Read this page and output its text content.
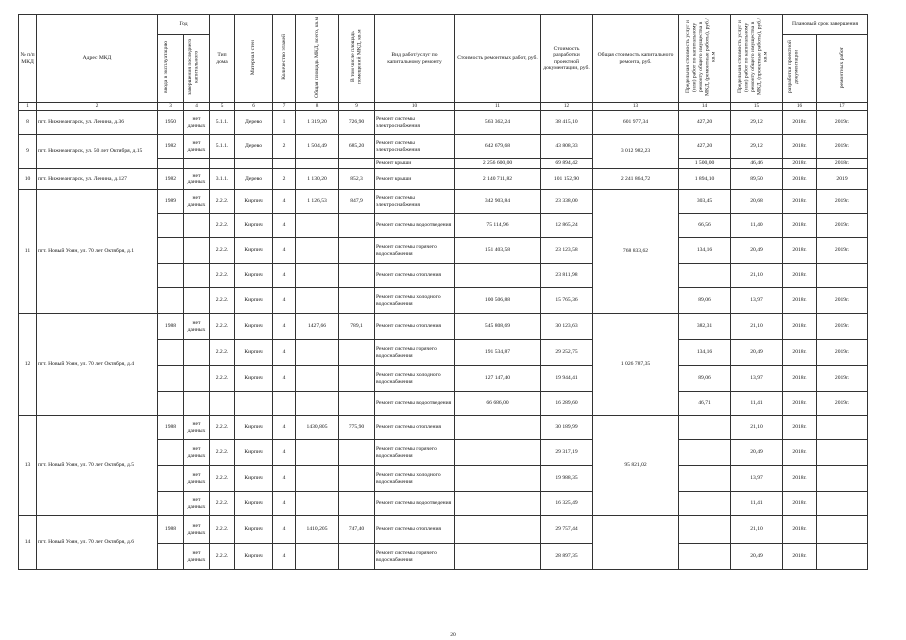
№ п/п МКД	Адрес МКД	Год		Тип дома	Материал стен	Количество этажей	Общая площадь МКД, всего, кв.м	В том числе площадь помещений МКД, кв.м	Вид работ/услуг по капитальному ремонту	Стоимость ремонтных работ, руб.	Стоимость разработки проектной документации, руб.	Общая стоимость капитального ремонта, руб.	Предельная стоимость услуг и (или) работ по капитальному ремонту общего имущества в МКД, (ремонтные работы), руб./кв.м	Предельная стоимость услуг и (или) работ по капитальному ремонту общего имущества в МКД, (проектные работы), руб./кв.м	Плановый срок завершения	
		ввода в эксплуатацию	завершения последнего капитального												разработки проектной документации	ремонтных работ
1	2	3	4	5	6	7	8	9	10	11	12	13	14	15	16	17
8	пгт. Нижнеангарск, ул. Ленина, д.36	1950	нет данных	5.1.1.	Дерево	1	1 319,20	726,90	Ремонт системы электроснабжения	563 362,24	38 415,10	601 977,34	427,20	29,12	2018г.	2019г.
9	пгт. Нижнеангарск, ул. 50 лет Октября, д.15	1982	нет данных	5.1.1.	Дерево	2	1 504,49	685,20	Ремонт системы электроснабжения	642 679,68	43 808,33	3 012 982,23	427,20	29,12	2018г.	2019г.
									Ремонт крыши	2 256 600,00	69 894,42		1 500,00	46,46	2018г.	2018г.
10	пгт. Нижнеангарск, ул. Ленина, д.127	1982	нет данных	3.1.1.	Дерево	2	1 130,20	852,3	Ремонт крыши	2 140 711,82	101 152,90	2 241 864,72	1 894,10	89,50	2018г.	2019
11	пгт. Новый Уоян, ул. 70 лет Октября, д.1	1989	нет данных	2.2.2.	Кирпич	4	1 126,53	847,9	Ремонт системы электроснабжения	342 903,84	23 338,00	768 833,62	303,45	20,68	2018г.	2019г.
				2.2.2.	Кирпич	4			Ремонт системы водоотведения	75 114,96	12 865,24		66,56	11,40	2018г.	2019г.
				2.2.2.	Кирпич	4			Ремонт системы горячего водоснабжения	151 403,58	23 123,58		134,16	20,49	2018г.	2019г.
				2.2.2.	Кирпич	4			Ремонт системы отопления		23 811,98			21,10	2018г.	
				2.2.2.	Кирпич	4			Ремонт системы холодного водоснабжения	100 506,88	15 765,36		89,06	13,97	2018г.	2019г.
12	пгт. Новый Уоян, ул. 70 лет Октября, д.4	1988	нет данных	2.2.2.	Кирпич	4	1427,66	789,1	Ремонт системы отопления	545 808,69	30 123,63	1 026 787,35	382,31	21,10	2018г.	2019г.
				2.2.2.	Кирпич	4			Ремонт системы горячего водоснабжения	191 534,87	29 252,75		134,16	20,49	2018г.	2019г.
				2.2.2.	Кирпич	4			Ремонт системы холодного водоснабжения	127 147,40	19 944,41		89,06	13,97	2018г.	2019г.
									Ремонт системы водоотведения	66 686,00	16 289,60		46,71	11,41	2018г.	2019г.
13	пгт. Новый Уоян, ул. 70 лет Октября, д.5	1988	нет данных	2.2.2.	Кирпич	4	1430,805	775,90	Ремонт системы отопления		30 189,99	95 821,02		21,10	2018г.	
			нет данных	2.2.2.	Кирпич	4			Ремонт системы горячего водоснабжения		29 317,19			20,49	2018г.	
			нет данных	2.2.2.	Кирпич	4			Ремонт системы холодного водоснабжения		19 988,35			13,97	2018г.	
			нет данных	2.2.2.	Кирпич	4			Ремонт системы водоотведения		16 325,49			11,41	2018г.	
14	пгт. Новый Уоян, ул. 70 лет Октября, д.6	1988	нет данных	2.2.2.	Кирпич	4	1410,205	747,40	Ремонт системы отопления		29 757,44			21,10	2018г.	
			нет данных	2.2.2.	Кирпич	4			Ремонт системы горячего водоснабжения		28 897,35			20,49	2018г.	
20
